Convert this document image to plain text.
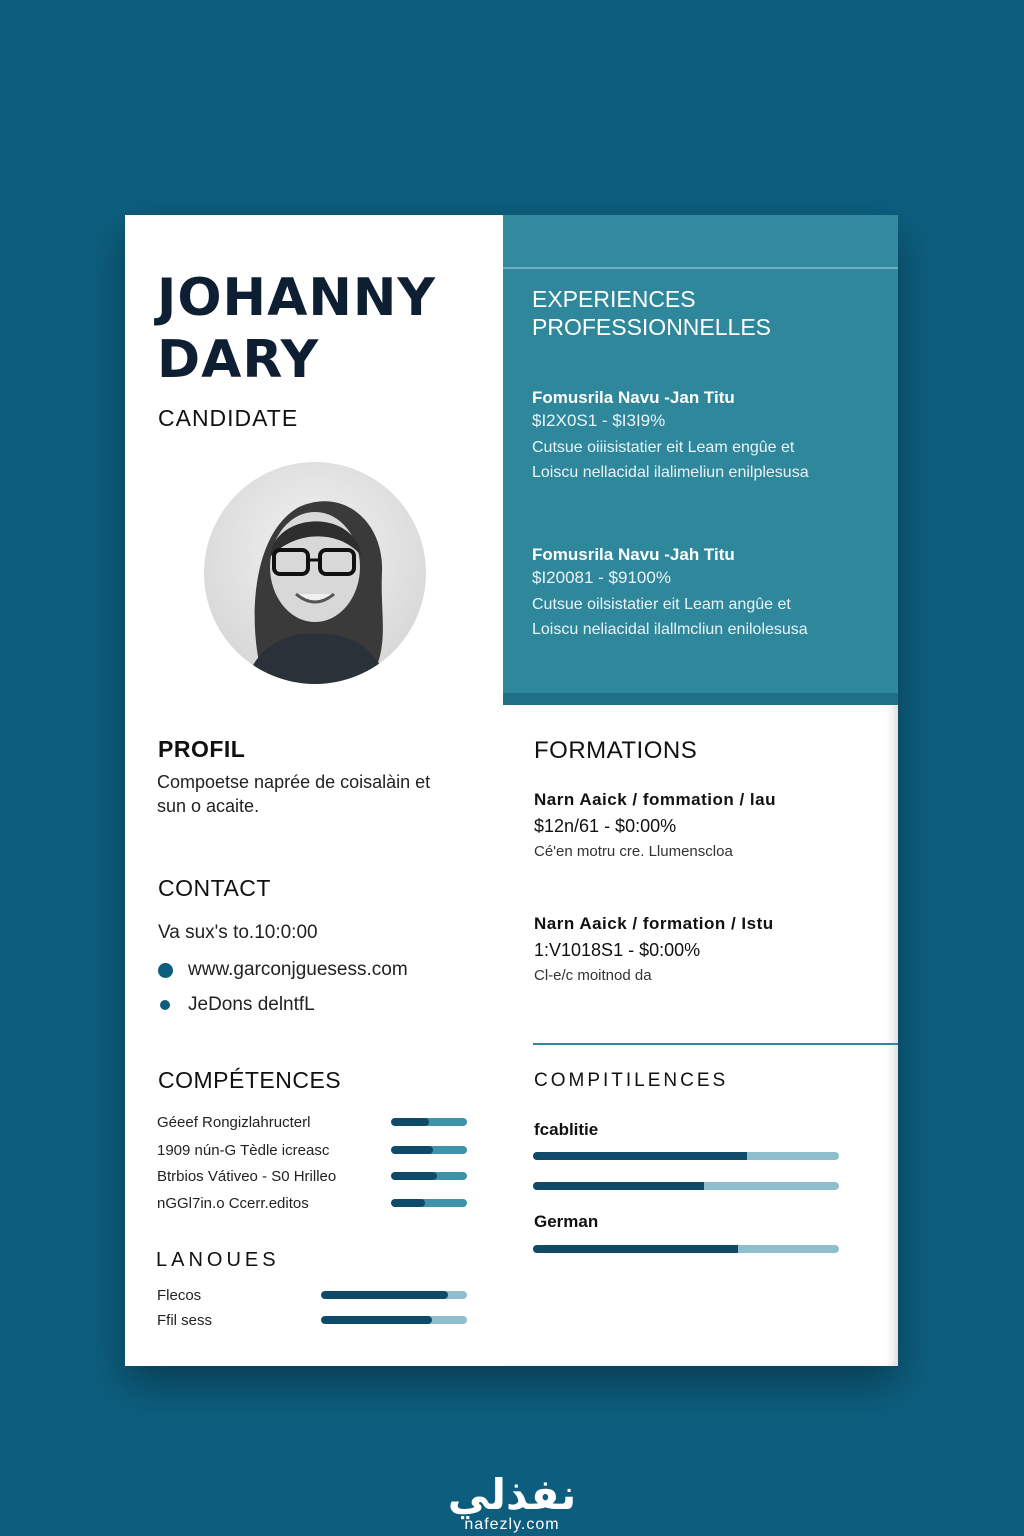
JOHANNY
DARY
CANDIDATE
PROFIL
Compoetse naprée de coisalàin et
sun o acaite.
CONTACT
Va sux's to.10:0:00
www.garconjguesess.com
JeDons delntfL
COMPÉTENCES
Géeef Rongizlahructerl
1909 nún-G Tèdle icreasc
Btrbios Vátiveo - S0 Hrilleo
nGGl7in.o Ccerr.editos
LANOUES
Flecos
Ffil sess
EXPERIENCES
PROFESSIONNELLES
Fomusrila Navu -Jan Titu
$I2X0S1 - $I3I9%
Cutsue oiiisistatier eit Leam engûe et
Loiscu nellacidal ilalimeliun enilplesusa
Fomusrila Navu -Jah Titu
$I20081 - $9100%
Cutsue oilsistatier eit Leam angûe et
Loiscu neliacidal ilallmcliun enilolesusa
FORMATIONS
Narn Aaick / fommation / lau
$12n/61 - $0:00%
Cé'en motru cre. Llumenscloa
Narn Aaick / formation / Istu
1:V1018S1 - $0:00%
Cl-e/c moitnod da
COMPITILENCES
fcablitie
German
نفذلي
nafezly.com
